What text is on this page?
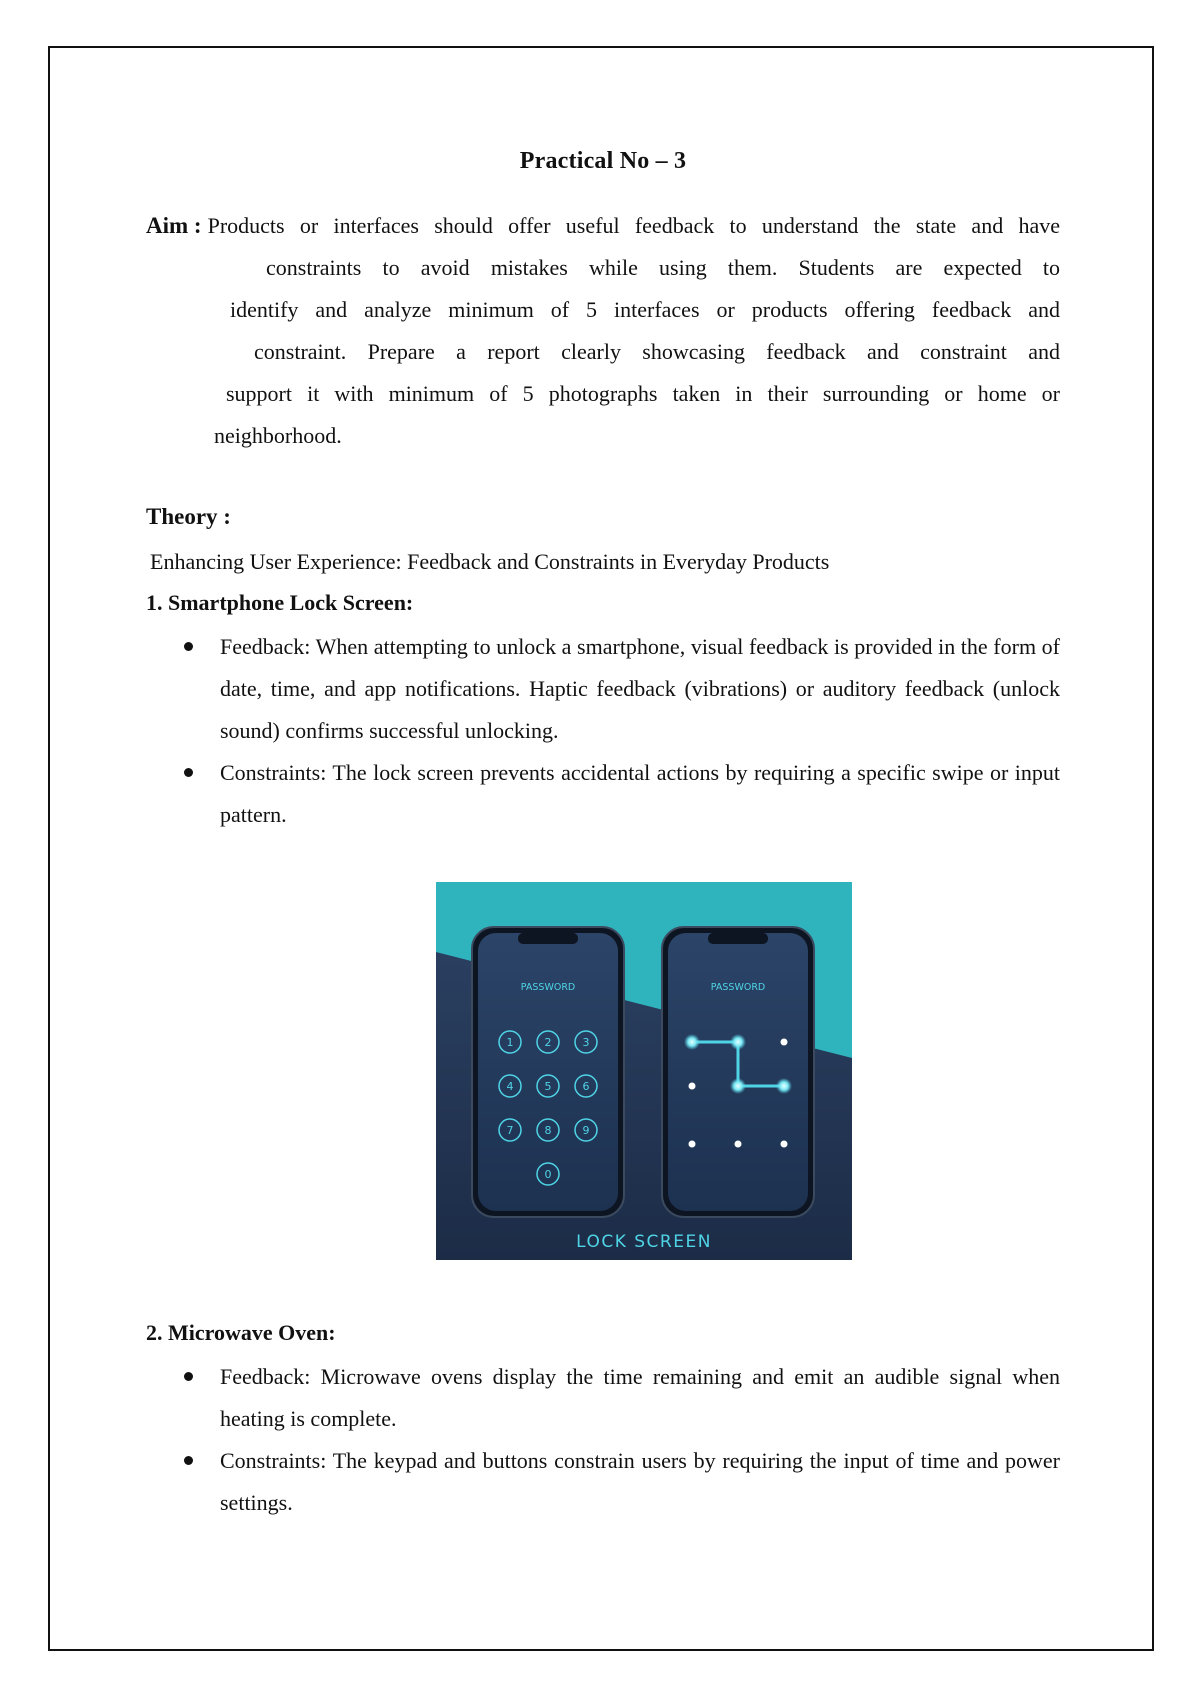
Practical No – 3
Aim : Products or interfaces should offer useful feedback to understand the state and have
constraints to avoid mistakes while using them. Students are expected to
identify and analyze minimum of 5 interfaces or products offering feedback and
constraint. Prepare a report clearly showcasing feedback and constraint and
support it with minimum of 5 photographs taken in their surrounding or home or
neighborhood.
Theory :
Enhancing User Experience: Feedback and Constraints in Everyday Products
1. Smartphone Lock Screen:
Feedback: When attempting to unlock a smartphone, visual feedback is provided in the form of date, time, and app notifications. Haptic feedback (vibrations) or auditory feedback (unlock sound) confirms successful unlocking.
Constraints: The lock screen prevents accidental actions by requiring a specific swipe or input pattern.
2. Microwave Oven:
Feedback: Microwave ovens display the time remaining and emit an audible signal when heating is complete.
Constraints: The keypad and buttons constrain users by requiring the input of time and power settings.
PASSWORD
1	2	3
4	5	6
7	8	9
0
PASSWORD
LOCK SCREEN
